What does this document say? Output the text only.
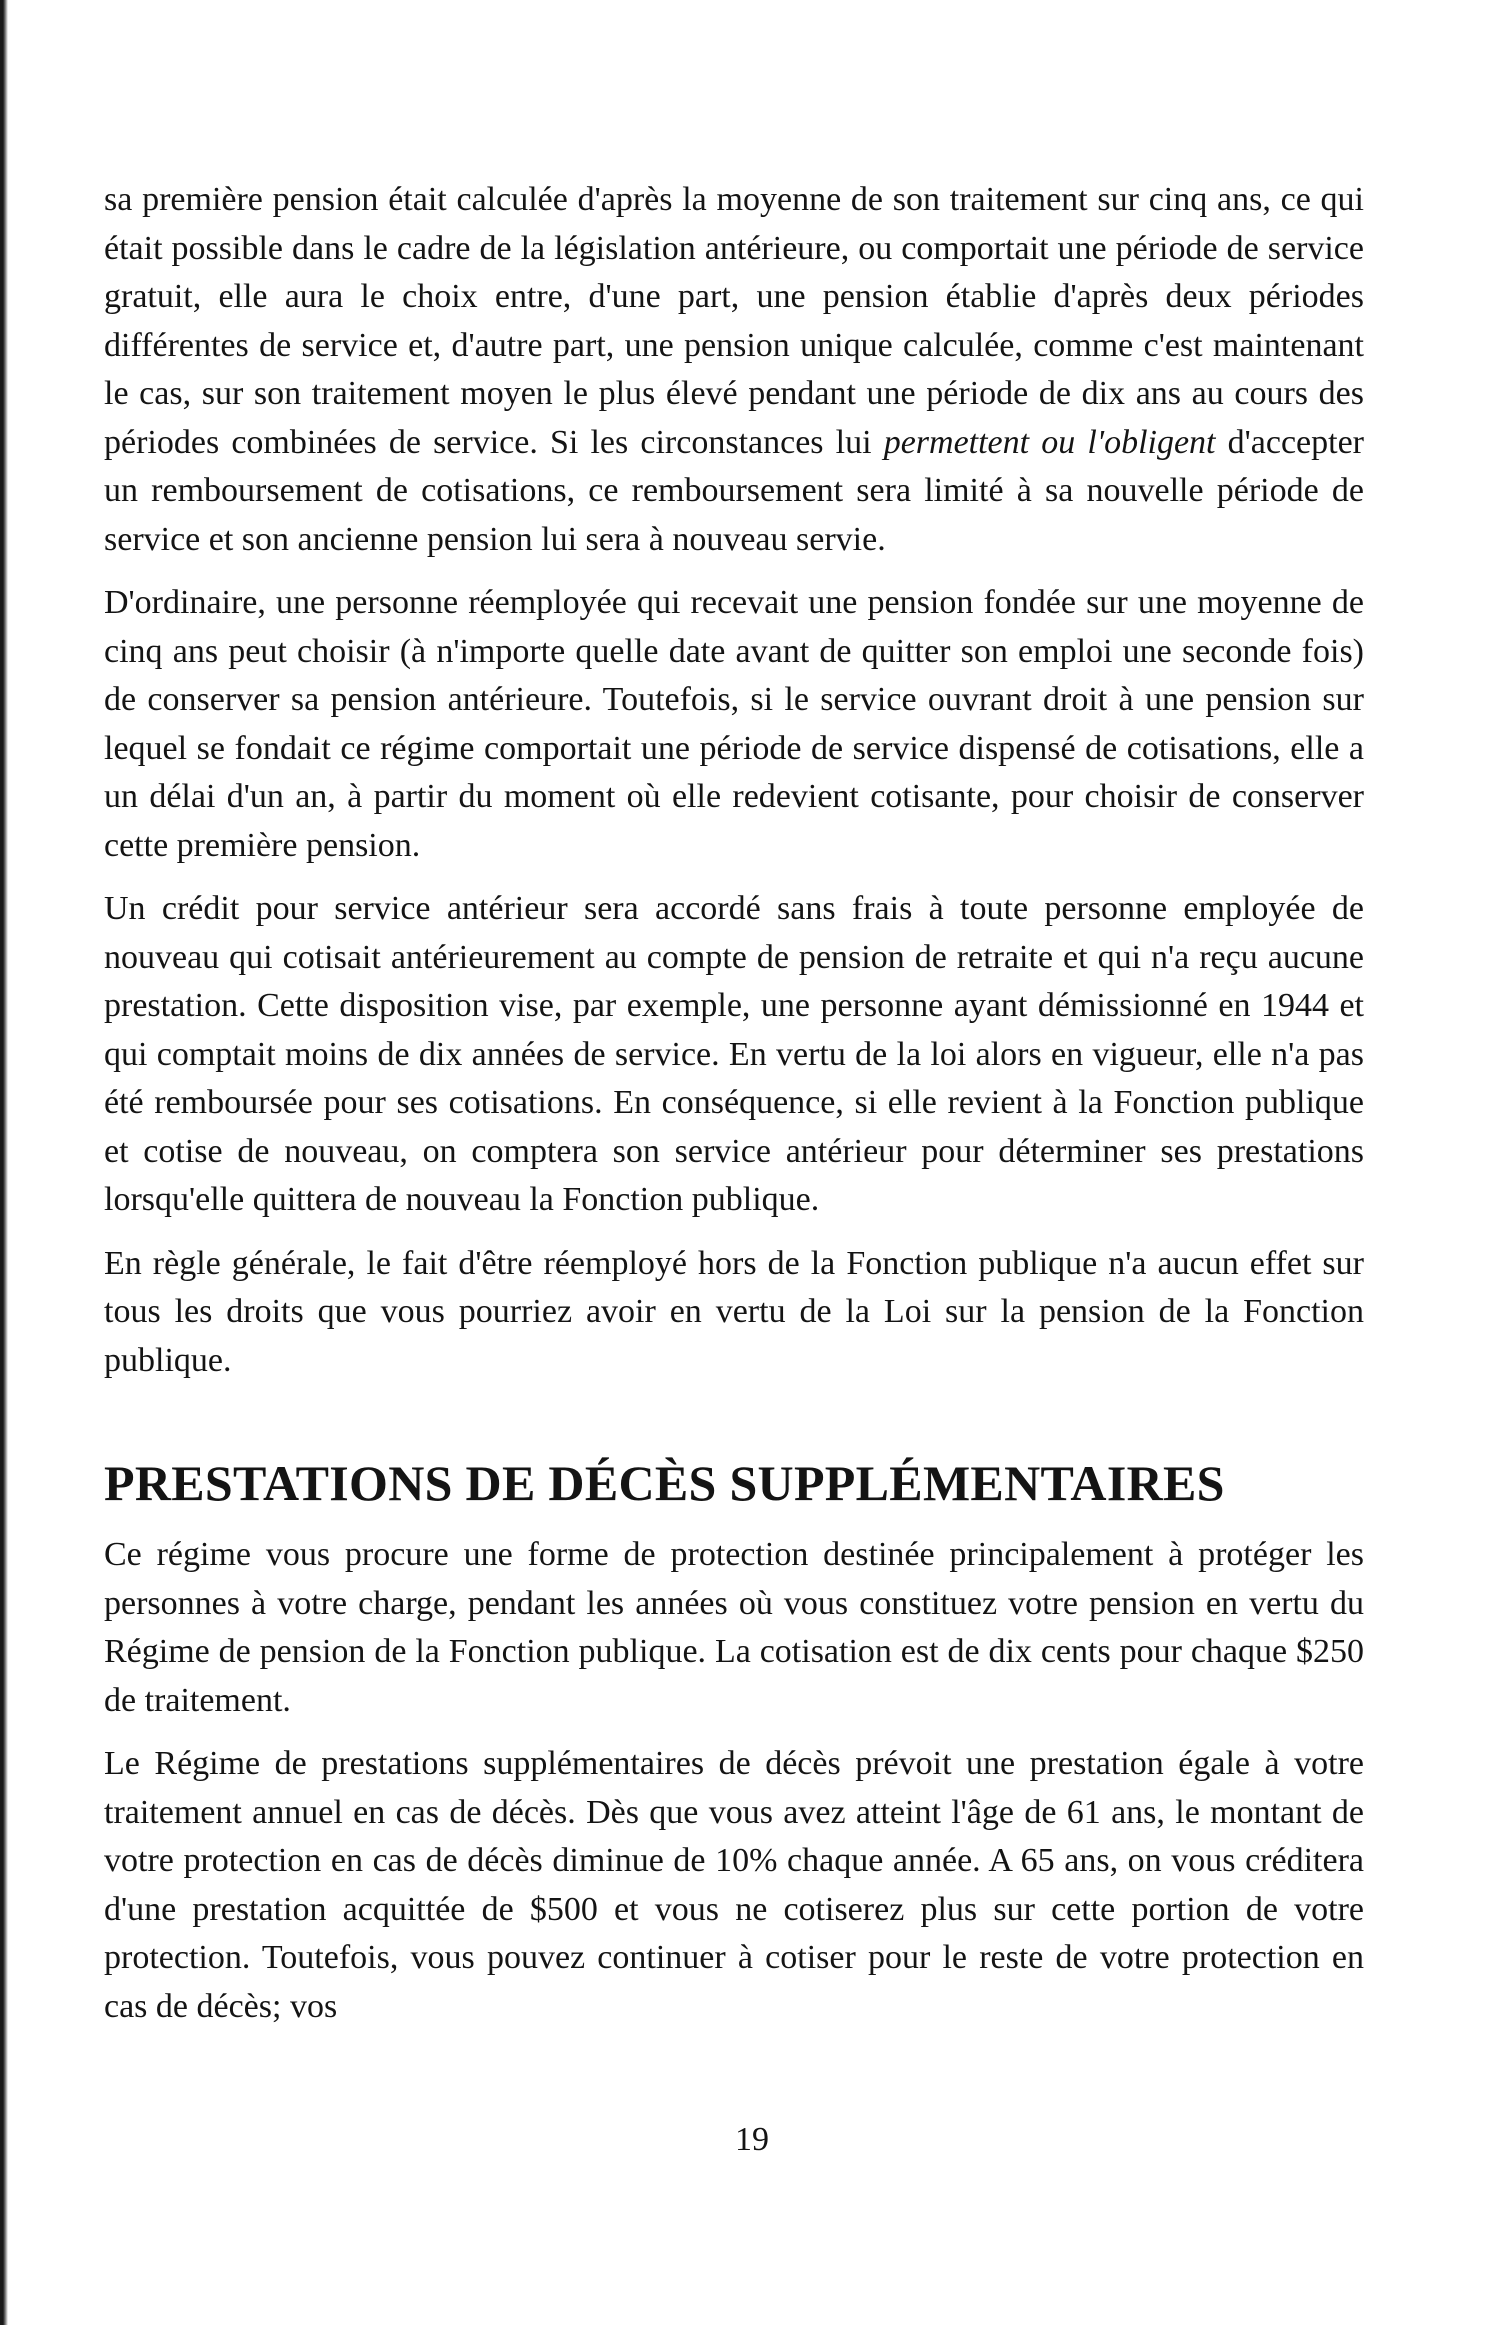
sa première pension était calculée d'après la moyenne de son traitement sur cinq ans, ce qui était possible dans le cadre de la législation antérieure, ou comportait une période de service gratuit, elle aura le choix entre, d'une part, une pension établie d'après deux périodes différentes de service et, d'autre part, une pension unique calculée, comme c'est maintenant le cas, sur son traitement moyen le plus élevé pendant une période de dix ans au cours des périodes combinées de service. Si les circonstances lui permettent ou l'obligent d'accepter un remboursement de cotisations, ce remboursement sera limité à sa nouvelle période de service et son ancienne pension lui sera à nouveau servie.

D'ordinaire, une personne réemployée qui recevait une pension fondée sur une moyenne de cinq ans peut choisir (à n'importe quelle date avant de quitter son emploi une seconde fois) de conserver sa pension antérieure. Toutefois, si le service ouvrant droit à une pension sur lequel se fondait ce régime comportait une période de service dispensé de cotisations, elle a un délai d'un an, à partir du moment où elle redevient cotisante, pour choisir de conserver cette première pension.

Un crédit pour service antérieur sera accordé sans frais à toute personne employée de nouveau qui cotisait antérieurement au compte de pension de retraite et qui n'a reçu aucune prestation. Cette disposition vise, par exemple, une personne ayant démissionné en 1944 et qui comptait moins de dix années de service. En vertu de la loi alors en vigueur, elle n'a pas été remboursée pour ses cotisations. En conséquence, si elle revient à la Fonction publique et cotise de nouveau, on comptera son service antérieur pour déterminer ses prestations lorsqu'elle quittera de nouveau la Fonction publique.

En règle générale, le fait d'être réemployé hors de la Fonction publique n'a aucun effet sur tous les droits que vous pourriez avoir en vertu de la Loi sur la pension de la Fonction publique.

PRESTATIONS DE DÉCÈS SUPPLÉMENTAIRES

Ce régime vous procure une forme de protection destinée principalement à protéger les personnes à votre charge, pendant les années où vous constituez votre pension en vertu du Régime de pension de la Fonction publique. La cotisation est de dix cents pour chaque $250 de traitement.

Le Régime de prestations supplémentaires de décès prévoit une prestation égale à votre traitement annuel en cas de décès. Dès que vous avez atteint l'âge de 61 ans, le montant de votre protection en cas de décès diminue de 10% chaque année. A 65 ans, on vous créditera d'une prestation acquittée de $500 et vous ne cotiserez plus sur cette portion de votre protection. Toutefois, vous pouvez continuer à cotiser pour le reste de votre protection en cas de décès; vos

19
